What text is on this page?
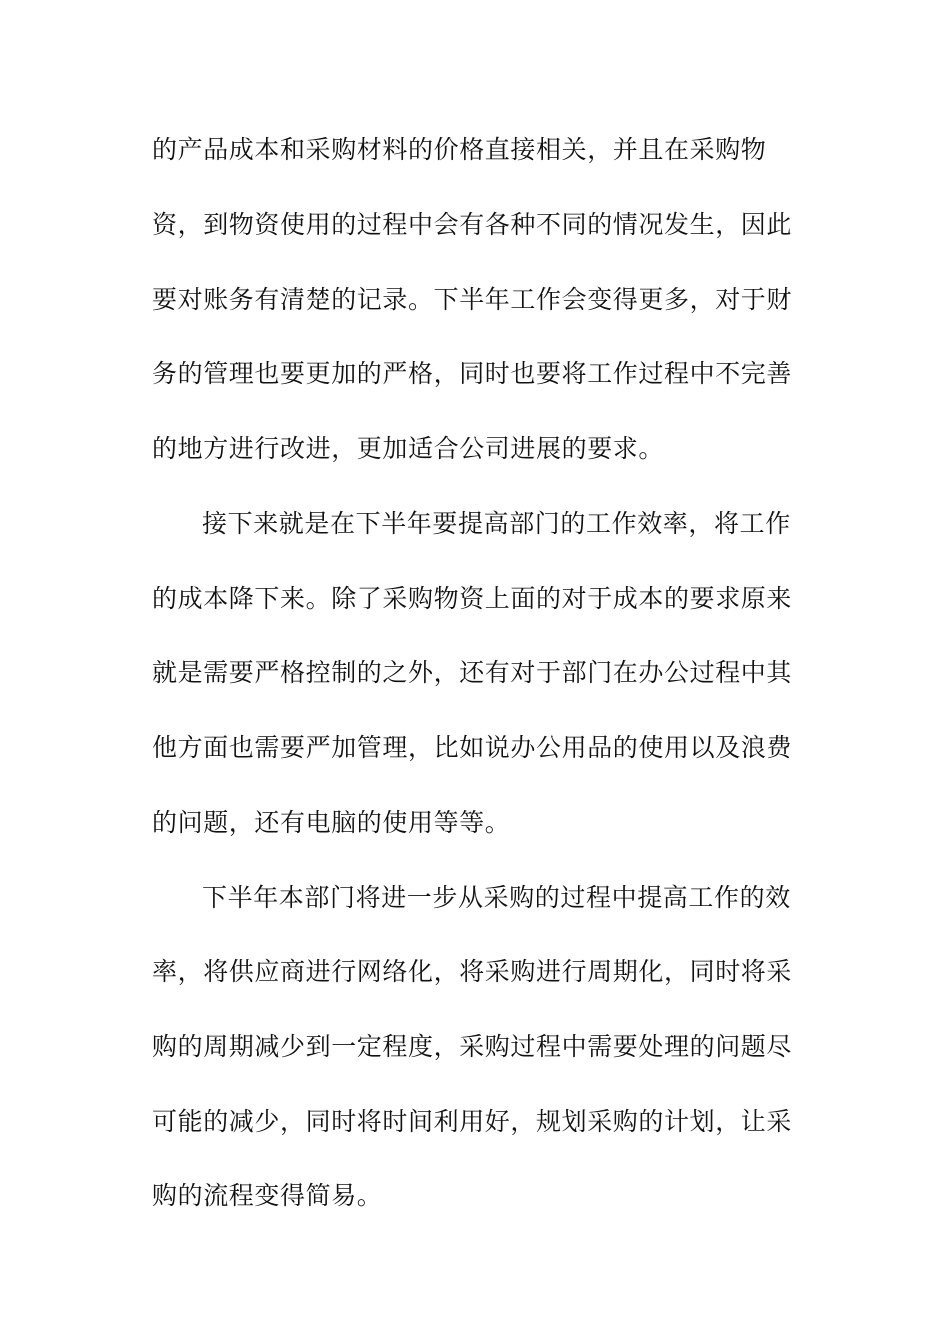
的产品成本和采购材料的价格直接相关，并且在采购物
资，到物资使用的过程中会有各种不同的情况发生，因此
要对账务有清楚的记录。下半年工作会变得更多，对于财
务的管理也要更加的严格，同时也要将工作过程中不完善
的地方进行改进，更加适合公司进展的要求。
接下来就是在下半年要提高部门的工作效率，将工作
的成本降下来。除了采购物资上面的对于成本的要求原来
就是需要严格控制的之外，还有对于部门在办公过程中其
他方面也需要严加管理，比如说办公用品的使用以及浪费
的问题，还有电脑的使用等等。
下半年本部门将进一步从采购的过程中提高工作的效
率，将供应商进行网络化，将采购进行周期化，同时将采
购的周期减少到一定程度，采购过程中需要处理的问题尽
可能的减少，同时将时间利用好，规划采购的计划，让采
购的流程变得简易。
